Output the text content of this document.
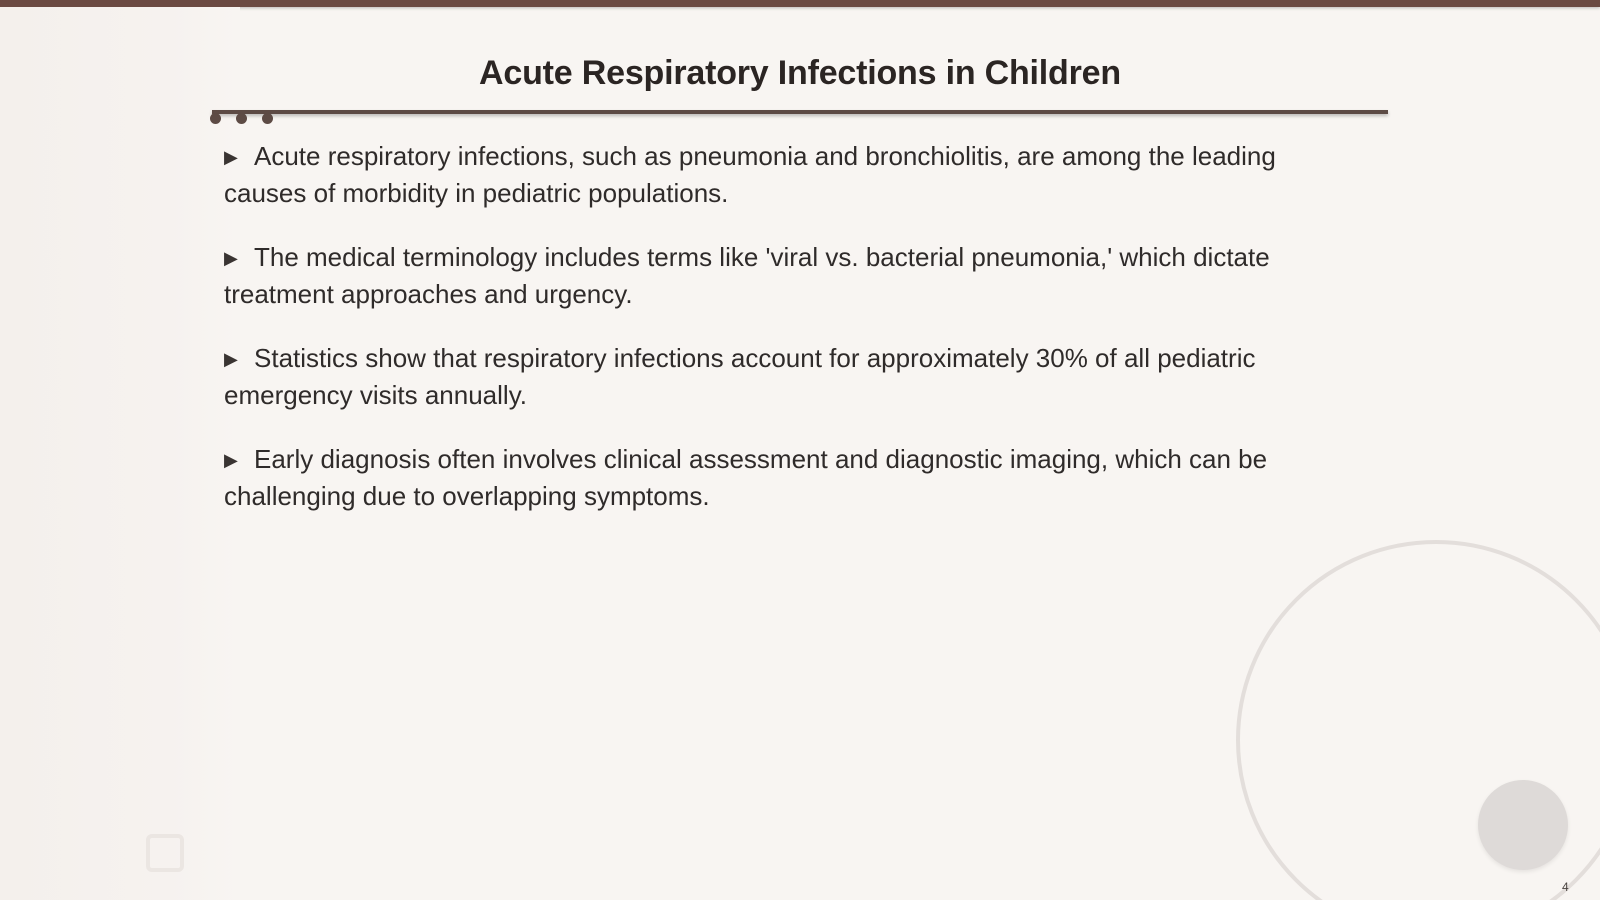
Acute Respiratory Infections in Children
▶ Acute respiratory infections, such as pneumonia and bronchiolitis, are among the leading causes of morbidity in pediatric populations.
▶ The medical terminology includes terms like 'viral vs. bacterial pneumonia,' which dictate treatment approaches and urgency.
▶ Statistics show that respiratory infections account for approximately 30% of all pediatric emergency visits annually.
▶ Early diagnosis often involves clinical assessment and diagnostic imaging, which can be challenging due to overlapping symptoms.
4
